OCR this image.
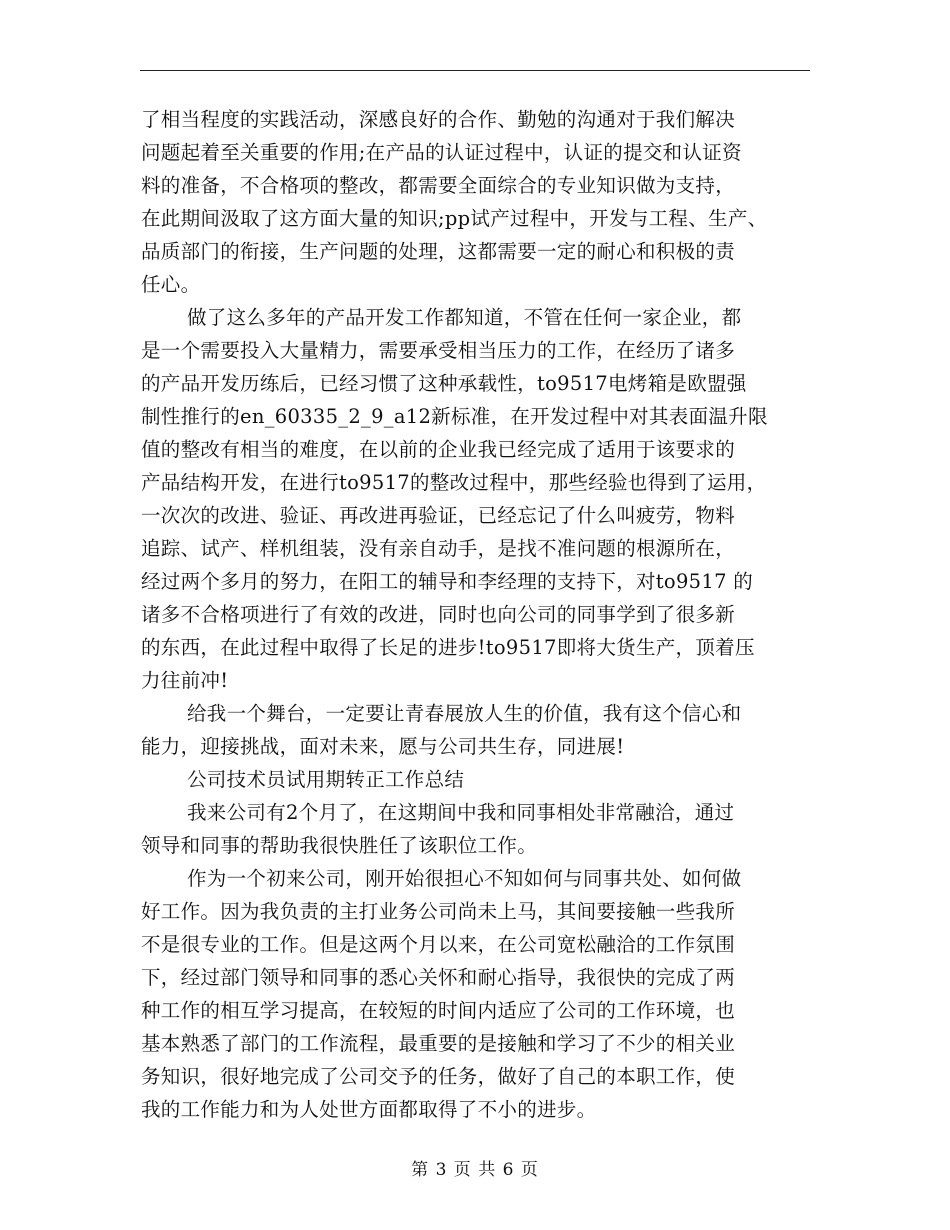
了相当程度的实践活动，深感良好的合作、勤勉的沟通对于我们解决
问题起着至关重要的作用;在产品的认证过程中，认证的提交和认证资
料的准备，不合格项的整改，都需要全面综合的专业知识做为支持，
在此期间汲取了这方面大量的知识;pp试产过程中，开发与工程、生产、
品质部门的衔接，生产问题的处理，这都需要一定的耐心和积极的责
任心。

做了这么多年的产品开发工作都知道，不管在任何一家企业，都
是一个需要投入大量精力，需要承受相当压力的工作，在经历了诸多
的产品开发历练后，已经习惯了这种承载性，to9517电烤箱是欧盟强
制性推行的en_60335_2_9_a12新标准，在开发过程中对其表面温升限
值的整改有相当的难度，在以前的企业我已经完成了适用于该要求的
产品结构开发，在进行to9517的整改过程中，那些经验也得到了运用，
一次次的改进、验证、再改进再验证，已经忘记了什么叫疲劳，物料
追踪、试产、样机组装，没有亲自动手，是找不准问题的根源所在，
经过两个多月的努力，在阳工的辅导和李经理的支持下，对to9517 的
诸多不合格项进行了有效的改进，同时也向公司的同事学到了很多新
的东西，在此过程中取得了长足的进步!to9517即将大货生产，顶着压
力往前冲!

给我一个舞台，一定要让青春展放人生的价值，我有这个信心和
能力，迎接挑战，面对未来，愿与公司共生存，同进展!

公司技术员试用期转正工作总结

我来公司有2个月了，在这期间中我和同事相处非常融洽，通过
领导和同事的帮助我很快胜任了该职位工作。

作为一个初来公司，刚开始很担心不知如何与同事共处、如何做
好工作。因为我负责的主打业务公司尚未上马，其间要接触一些我所
不是很专业的工作。但是这两个月以来，在公司宽松融洽的工作氛围
下，经过部门领导和同事的悉心关怀和耐心指导，我很快的完成了两
种工作的相互学习提高，在较短的时间内适应了公司的工作环境，也
基本熟悉了部门的工作流程，最重要的是接触和学习了不少的相关业
务知识，很好地完成了公司交予的任务，做好了自己的本职工作，使
我的工作能力和为人处世方面都取得了不小的进步。

第 3 页 共 6 页
